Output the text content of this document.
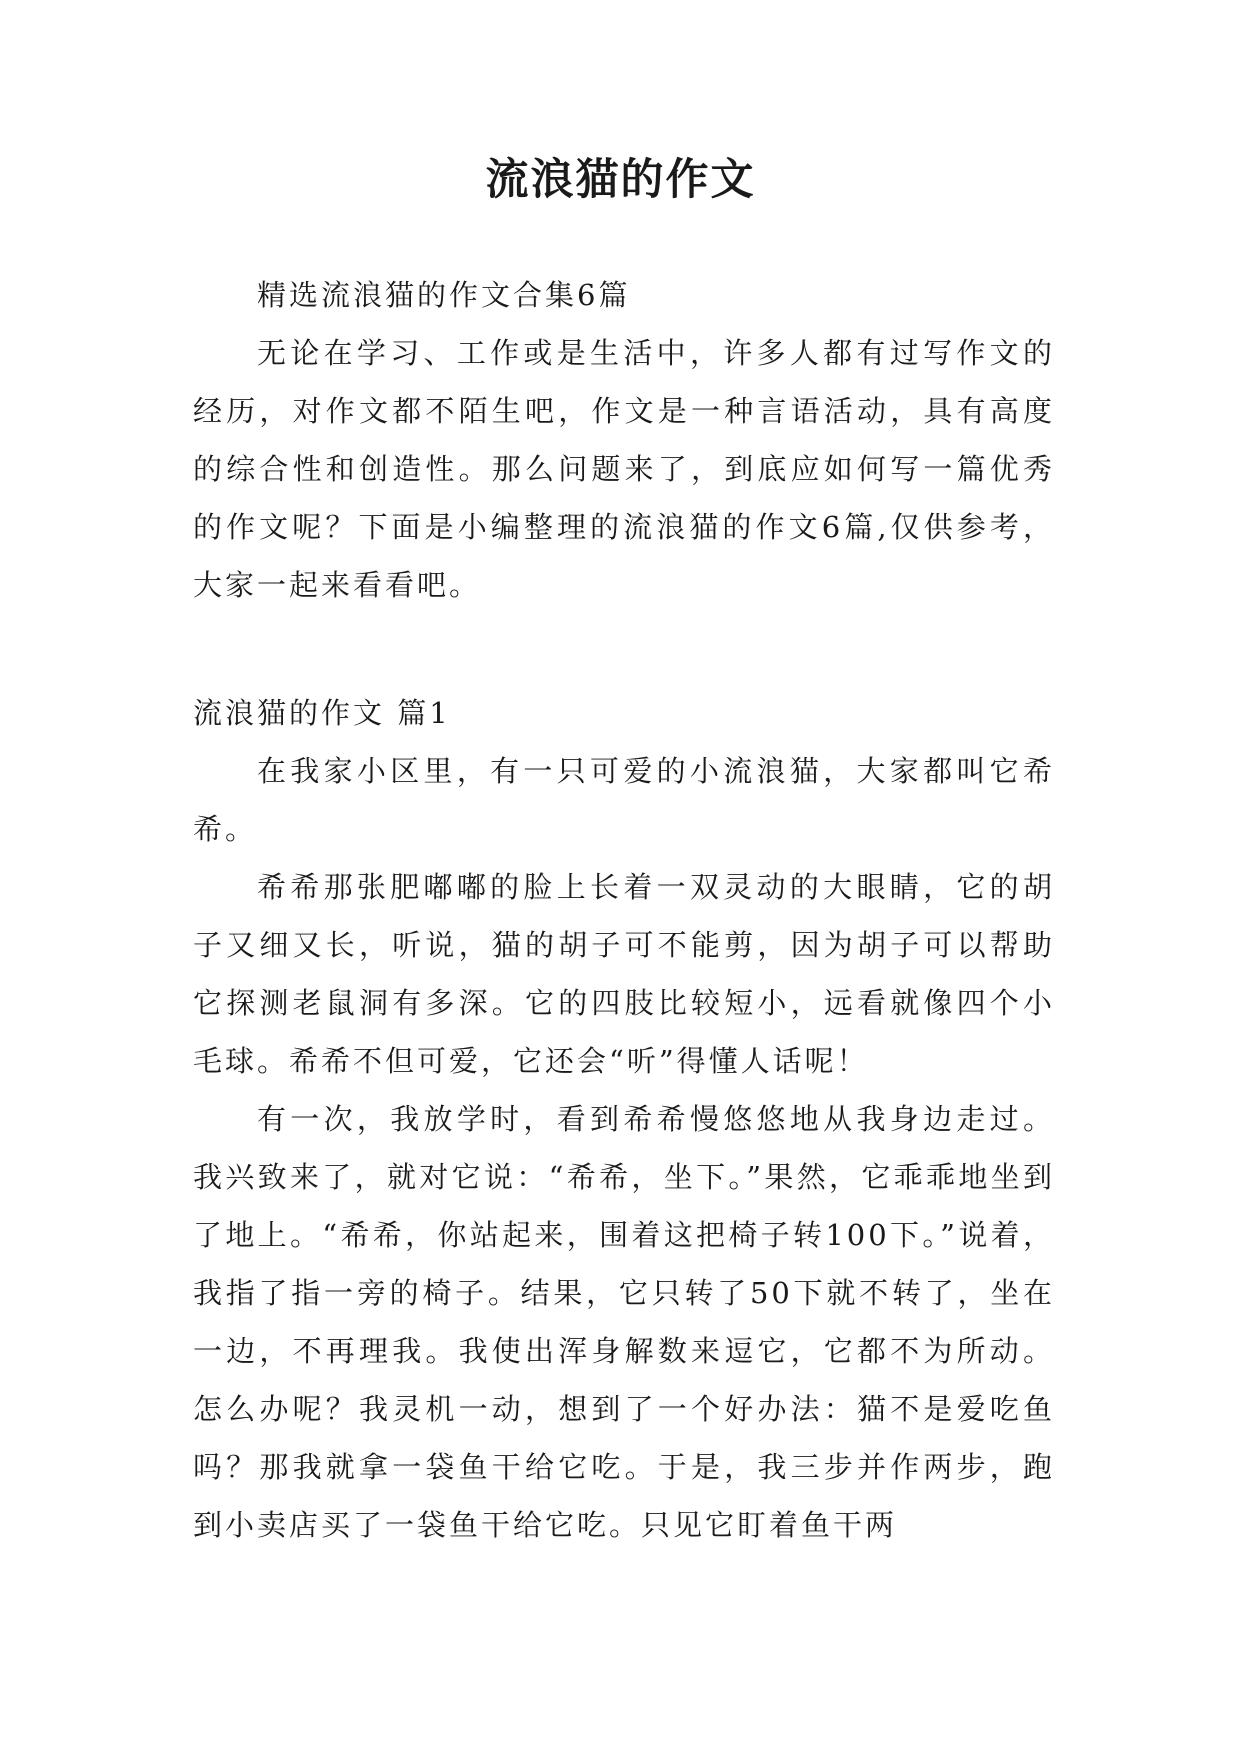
流浪猫的作文

精选流浪猫的作文合集6篇

无论在学习、工作或是生活中，许多人都有过写作文的经历，对作文都不陌生吧，作文是一种言语活动，具有高度的综合性和创造性。那么问题来了，到底应如何写一篇优秀的作文呢？下面是小编整理的流浪猫的作文6篇,仅供参考，大家一起来看看吧。

流浪猫的作文 篇1

在我家小区里，有一只可爱的小流浪猫，大家都叫它希希。

希希那张肥嘟嘟的脸上长着一双灵动的大眼睛，它的胡子又细又长，听说，猫的胡子可不能剪，因为胡子可以帮助它探测老鼠洞有多深。它的四肢比较短小，远看就像四个小毛球。希希不但可爱，它还会“听”得懂人话呢！

有一次，我放学时，看到希希慢悠悠地从我身边走过。我兴致来了，就对它说：“希希，坐下。”果然，它乖乖地坐到了地上。“希希，你站起来，围着这把椅子转100下。”说着，我指了指一旁的椅子。结果，它只转了50下就不转了，坐在一边，不再理我。我使出浑身解数来逗它，它都不为所动。怎么办呢？我灵机一动，想到了一个好办法：猫不是爱吃鱼吗？那我就拿一袋鱼干给它吃。于是，我三步并作两步，跑到小卖店买了一袋鱼干给它吃。只见它盯着鱼干两
